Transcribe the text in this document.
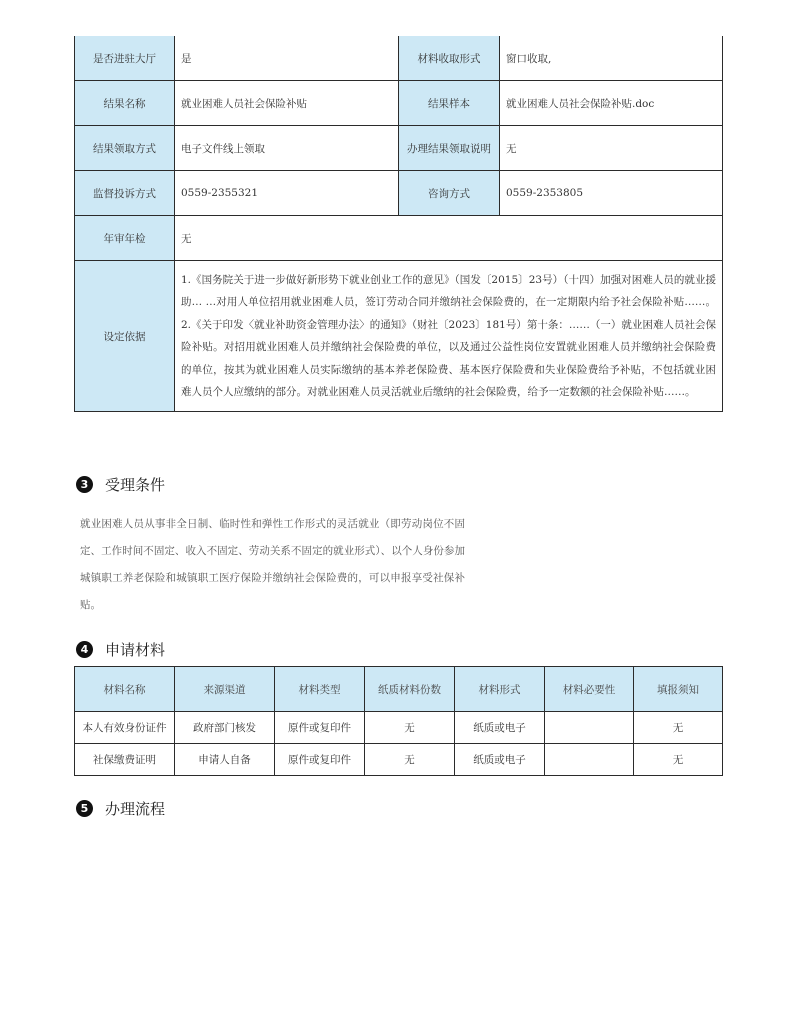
是否进驻大厅	是	材料收取形式	窗口收取,
结果名称	就业困难人员社会保险补贴	结果样本	就业困难人员社会保险补贴.doc
结果领取方式	电子文件线上领取	办理结果领取说明	无
监督投诉方式	0559-2355321	咨询方式	0559-2353805
年审年检	无		
设定依据	1.《国务院关于进一步做好新形势下就业创业工作的意见》（国发〔2015〕23号）（十四）加强对困难人员的就业援助… …对用人单位招用就业困难人员，签订劳动合同并缴纳社会保险费的，在一定期限内给予社会保险补贴……。 2.《关于印发〈就业补助资金管理办法〉的通知》（财社〔2023〕181号）第十条：……（一）就业困难人员社会保险补贴。对招用就业困难人员并缴纳社会保险费的单位，以及通过公益性岗位安置就业困难人员并缴纳社会保险费的单位，按其为就业困难人员实际缴纳的基本养老保险费、基本医疗保险费和失业保险费给予补贴，不包括就业困难人员个人应缴纳的部分。对就业困难人员灵活就业后缴纳的社会保险费，给予一定数额的社会保险补贴……。		
3	受理条件
就业困难人员从事非全日制、临时性和弹性工作形式的灵活就业（即劳动岗位不固定、工作时间不固定、收入不固定、劳动关系不固定的就业形式）、以个人身份参加城镇职工养老保险和城镇职工医疗保险并缴纳社会保险费的，可以申报享受社保补贴。
4	申请材料
材料名称	来源渠道	材料类型	纸质材料份数	材料形式	材料必要性	填报须知
本人有效身份证件	政府部门核发	原件或复印件	无	纸质或电子		无
社保缴费证明	申请人自备	原件或复印件	无	纸质或电子		无
5	办理流程
